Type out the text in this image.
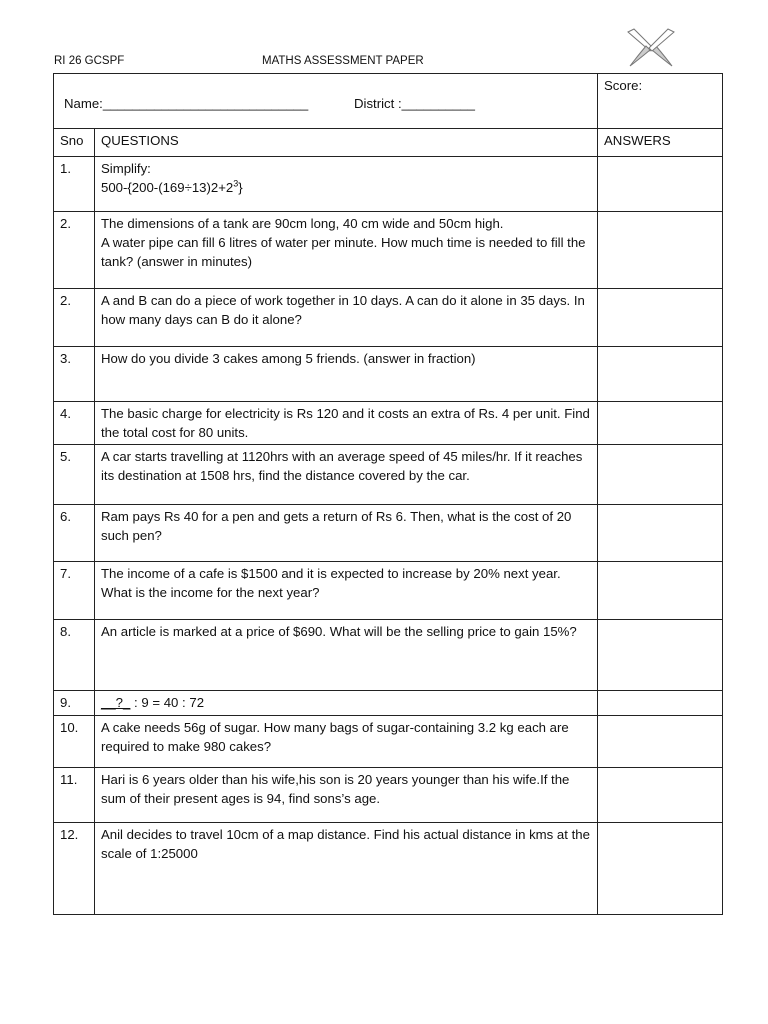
RI 26 GCSPF	MATHS ASSESSMENT PAPER
Name:____________________________ District :__________		Score:
Sno	QUESTIONS	ANSWERS
1.	Simplify:
$500-\{200-(169\div 13)2+2^3\}$	

2.	The dimensions of a tank are 90cm long, 40 cm wide and 50cm high.
A water pipe can fill 6 litres of water per minute. How much time is needed to fill the tank? (answer in minutes)	

2.	A and B can do a piece of work together in 10 days. A can do it alone in 35 days. In how many days can B do it alone?	

3.	How do you divide 3 cakes among 5 friends. (answer in fraction)	

4.	The basic charge for electricity is Rs 120 and it costs an extra of Rs. 4 per unit. Find the total cost for 80 units.	

5.	A car starts travelling at 1120hrs with an average speed of 45 miles/hr. If it reaches its destination at 1508 hrs, find the distance covered by the car.	

6.	Ram pays Rs 40 for a pen and gets a return of Rs 6. Then, what is the cost of 20 such pen?	

7.	The income of a cafe is $1500 and it is expected to increase by 20% next year. What is the income for the next year?	

8.	An article is marked at a price of $690. What will be the selling price to gain 15%?	

9.	__?_ : 9 = 40 : 72	
10.	A cake needs 56g of sugar. How many bags of sugar-containing 3.2 kg each are required to make 980 cakes?	

11.	Hari is 6 years older than his wife,his son is 20 years younger than his wife.If the sum of their present ages is 94, find sons’s age.	

12.	Anil decides to travel 10cm of a map distance. Find his actual distance in kms at the scale of 1:25000	
